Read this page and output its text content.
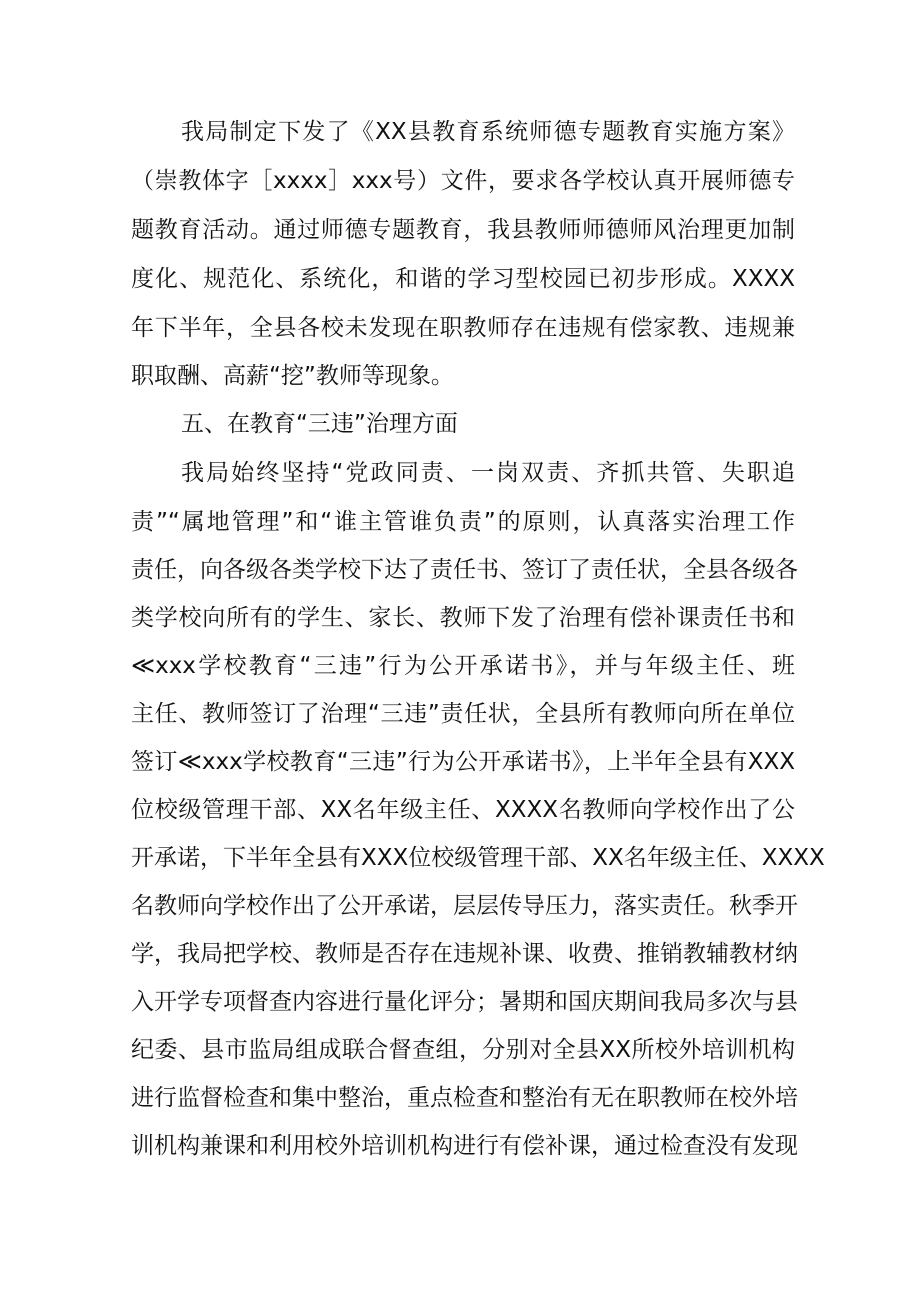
我局制定下发了《XX县教育系统师德专题教育实施方案》

（崇教体字［xxxx］xxx号）文件，要求各学校认真开展师德专

题教育活动。通过师德专题教育，我县教师师德师风治理更加制

度化、规范化、系统化，和谐的学习型校园已初步形成。XXXX

年下半年，全县各校未发现在职教师存在违规有偿家教、违规兼

职取酬、高薪“挖”教师等现象。

五、在教育“三违”治理方面

我局始终坚持“党政同责、一岗双责、齐抓共管、失职追

责”“属地管理”和“谁主管谁负责”的原则，认真落实治理工作

责任，向各级各类学校下达了责任书、签订了责任状，全县各级各

类学校向所有的学生、家长、教师下发了治理有偿补课责任书和

≪xxx学校教育“三违”行为公开承诺书》，并与年级主任、班

主任、教师签订了治理“三违”责任状，全县所有教师向所在单位

签订≪xxx学校教育“三违”行为公开承诺书》，上半年全县有XXX

位校级管理干部、XX名年级主任、XXXX名教师向学校作出了公

开承诺，下半年全县有XXX位校级管理干部、XX名年级主任、XXXX

名教师向学校作出了公开承诺，层层传导压力，落实责任。秋季开

学，我局把学校、教师是否存在违规补课、收费、推销教辅教材纳

入开学专项督查内容进行量化评分；暑期和国庆期间我局多次与县

纪委、县市监局组成联合督查组，分别对全县XX所校外培训机构

进行监督检查和集中整治，重点检查和整治有无在职教师在校外培

训机构兼课和利用校外培训机构进行有偿补课，通过检查没有发现
